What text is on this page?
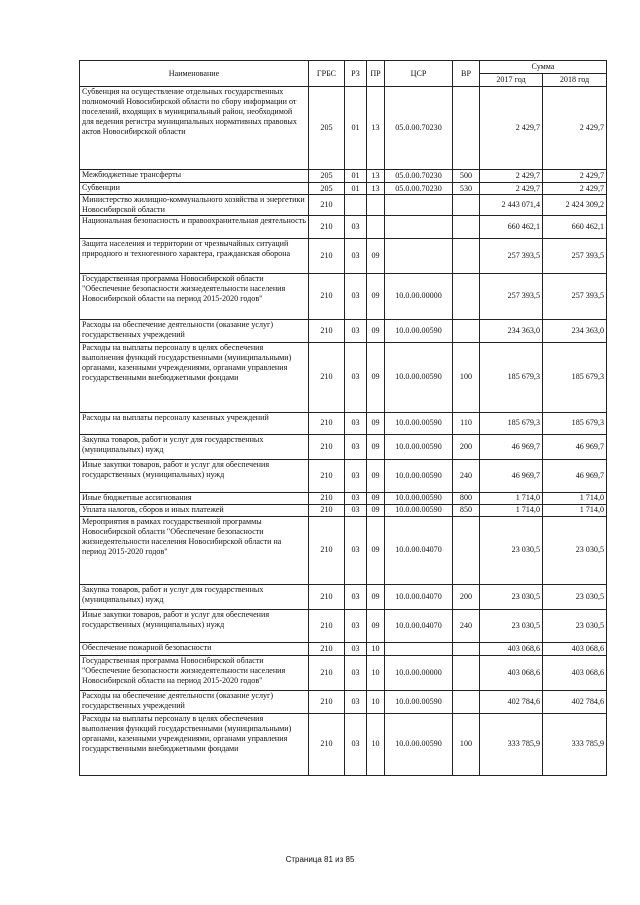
Наименование	ГРБС	РЗ	ПР	ЦСР	ВР	Сумма	
						2017 год	2018 год
Субвенция на осуществление отдельных государственных полномочий Новосибирской области по сбору информации от поселений, входящих в муниципальный район, необходимой для ведения регистра муниципальных нормативных правовых актов Новосибирской области	205	01	13	05.0.00.70230		2 429,7	2 429,7
Межбюджетные трансферты	205	01	13	05.0.00.70230	500	2 429,7	2 429,7
Субвенции	205	01	13	05.0.00.70230	530	2 429,7	2 429,7
Министерство жилищно-коммунального хозяйства и энергетики Новосибирской области	210					2 443 071,4	2 424 309,2
Национальная безопасность и правоохранительная деятельность	210	03				660 462,1	660 462,1
Защита населения и территории от чрезвычайных ситуаций природного и техногенного характера, гражданская оборона	210	03	09			257 393,5	257 393,5
Государственная программа Новосибирской области "Обеспечение безопасности жизнедеятельности населения Новосибирской области на период 2015-2020 годов"	210	03	09	10.0.00.00000		257 393,5	257 393,5
Расходы на обеспечение деятельности (оказание услуг) государственных учреждений	210	03	09	10.0.00.00590		234 363,0	234 363,0
Расходы на выплаты персоналу в целях обеспечения выполнения функций государственными (муниципальными) органами, казенными учреждениями, органами управления государственными внебюджетными фондами	210	03	09	10.0.00.00590	100	185 679,3	185 679,3
Расходы на выплаты персоналу казенных учреждений	210	03	09	10.0.00.00590	110	185 679,3	185 679,3
Закупка товаров, работ и услуг для государственных (муниципальных) нужд	210	03	09	10.0.00.00590	200	46 969,7	46 969,7
Иные закупки товаров, работ и услуг для обеспечения государственных (муниципальных) нужд	210	03	09	10.0.00.00590	240	46 969,7	46 969,7
Иные бюджетные ассигнования	210	03	09	10.0.00.00590	800	1 714,0	1 714,0
Уплата налогов, сборов и иных платежей	210	03	09	10.0.00.00590	850	1 714,0	1 714,0
Мероприятия в рамках государственной программы Новосибирской области "Обеспечение безопасности жизнедеятельности населения Новосибирской области на период 2015-2020 годов"	210	03	09	10.0.00.04070		23 030,5	23 030,5
Закупка товаров, работ и услуг для государственных (муниципальных) нужд	210	03	09	10.0.00.04070	200	23 030,5	23 030,5
Иные закупки товаров, работ и услуг для обеспечения государственных (муниципальных) нужд	210	03	09	10.0.00.04070	240	23 030,5	23 030,5
Обеспечение пожарной безопасности	210	03	10			403 068,6	403 068,6
Государственная программа Новосибирской области "Обеспечение безопасности жизнедеятельности населения Новосибирской области на период 2015-2020 годов"	210	03	10	10.0.00.00000		403 068,6	403 068,6
Расходы на обеспечение деятельности (оказание услуг) государственных учреждений	210	03	10	10.0.00.00590		402 784,6	402 784,6
Расходы на выплаты персоналу в целях обеспечения выполнения функций государственными (муниципальными) органами, казенными учреждениями, органами управления государственными внебюджетными фондами	210	03	10	10.0.00.00590	100	333 785,9	333 785,9
Страница 81 из 85
